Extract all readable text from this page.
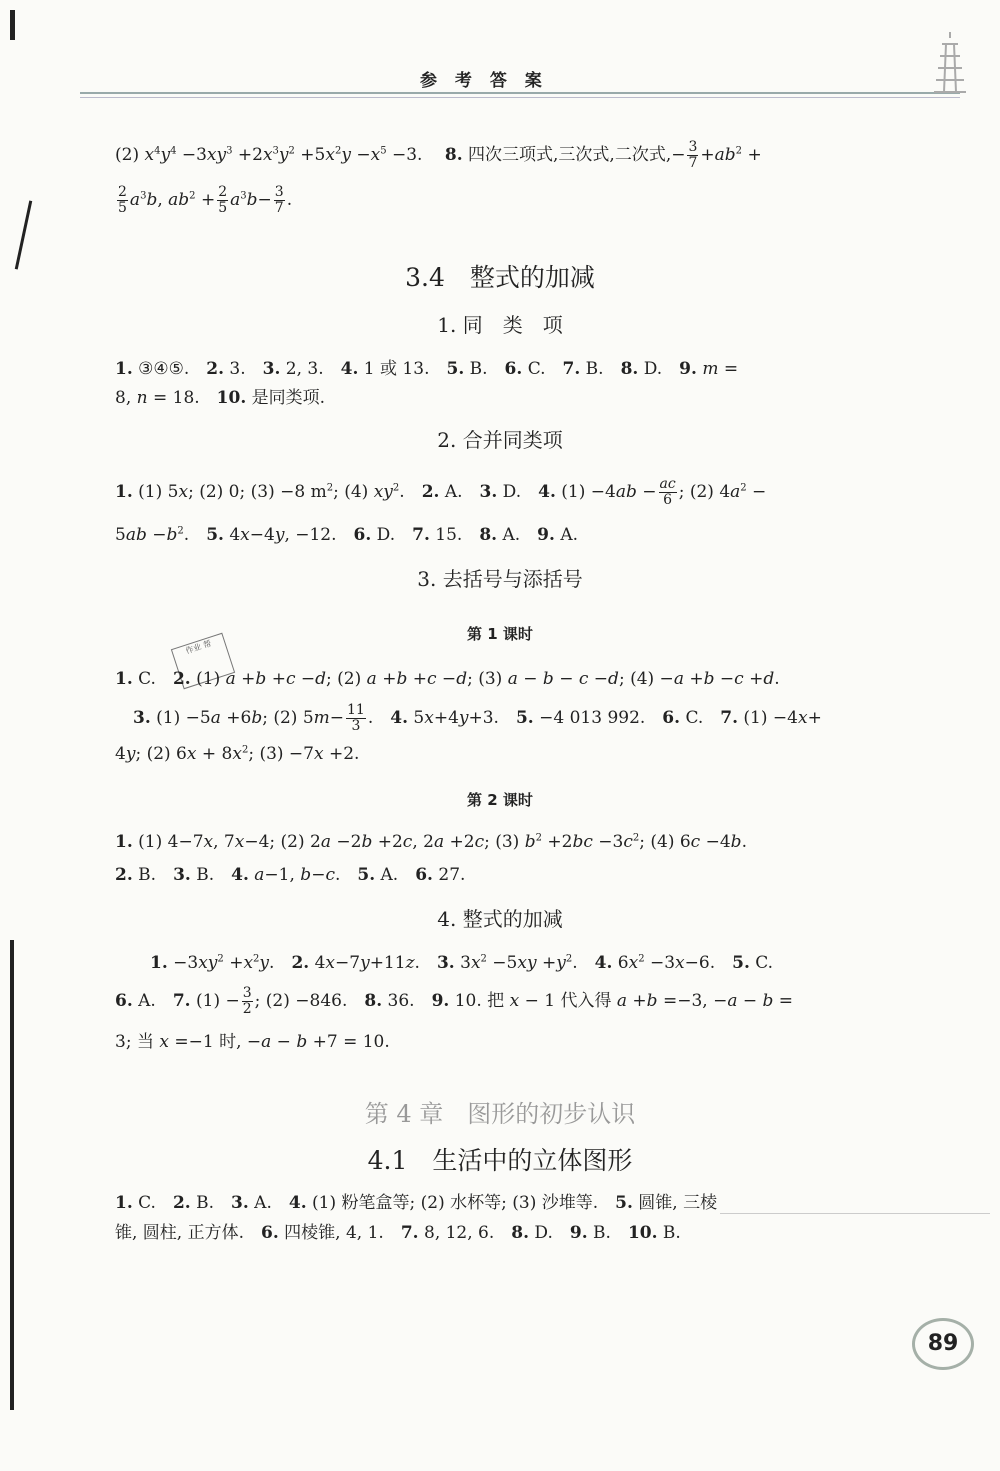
参 考 答 案
(2) $x^4y^4 -3xy^3 +2x^3y^2 +5x^2y -x^5 -3$.　 8. 四次三项式,三次式,二次式,− $\frac{3}{7} +ab^2$ +
$\frac{2}{5} a^3b$, $ab^2 + \frac{2}{5} a^3b- \frac{3}{7}$ .
3.4　整式的加减
1. 同　类　项
1. ③④⑤.　2. 3.　3. 2, 3.　4. 1 或 13.　5. B.　6. C.　7. B.　8. D.　9. m =
8, n = 18.　10. 是同类项.
2. 合并同类项
1. (1) 5x; (2) 0; (3) −8 $m^2$; (4) $xy^2$.　2. A.　3. D.　4. $(1) -4ab - \frac{ac}{6}$ ; (2) $4a^2$ −
$5ab -b^2$.　5. 4x−4y, −12.　6. D.　7. 15.　8. A.　9. A.
3. 去括号与添括号
第 1 课时
作业 帮
1. C.　2. (1) a +b +c −d; (2) a +b +c −d; (3) a − b − c −d; (4) −a +b −c +d.
3. (1) −5a +6b; (2) $5m- \frac{11}{3}$ .　4. 5x+4y+3.　5. −4 013 992.　6. C.　7. (1) −4x+
4y; (2) $6x + 8x^2$; (3) −7x +2.
第 2 课时
1. (1) 4−7x, 7x−4; (2) 2a −2b +2c, 2a +2c; (3) $b^2 +2bc -3c^2$; (4) 6c −4b.
2. B.　3. B.　4. a−1, b−c.　5. A.　6. 27.
4. 整式的加减
1. $-3xy^2 +x^2y$.　2. 4x−7y+11z.　3. $3x^2 -5xy +y^2$.　4. $6x^2 -3x-6$.　5. C.
6. A.　7. $(1) - \frac{3}{2}$ ; (2) −846.　8. 36.　9. 10. 把 x − 1 代入得 a +b =−3, −a − b =
3; 当 x =−1 时, −a − b +7 = 10.
第 4 章　图形的初步认识
4.1　生活中的立体图形
1. C.　2. B.　3. A.　4. (1) 粉笔盒等; (2) 水杯等; (3) 沙堆等.　5. 圆锥, 三棱
锥, 圆柱, 正方体.　6. 四棱锥, 4, 1.　7. 8, 12, 6.　8. D.　9. B.　10. B.
89
